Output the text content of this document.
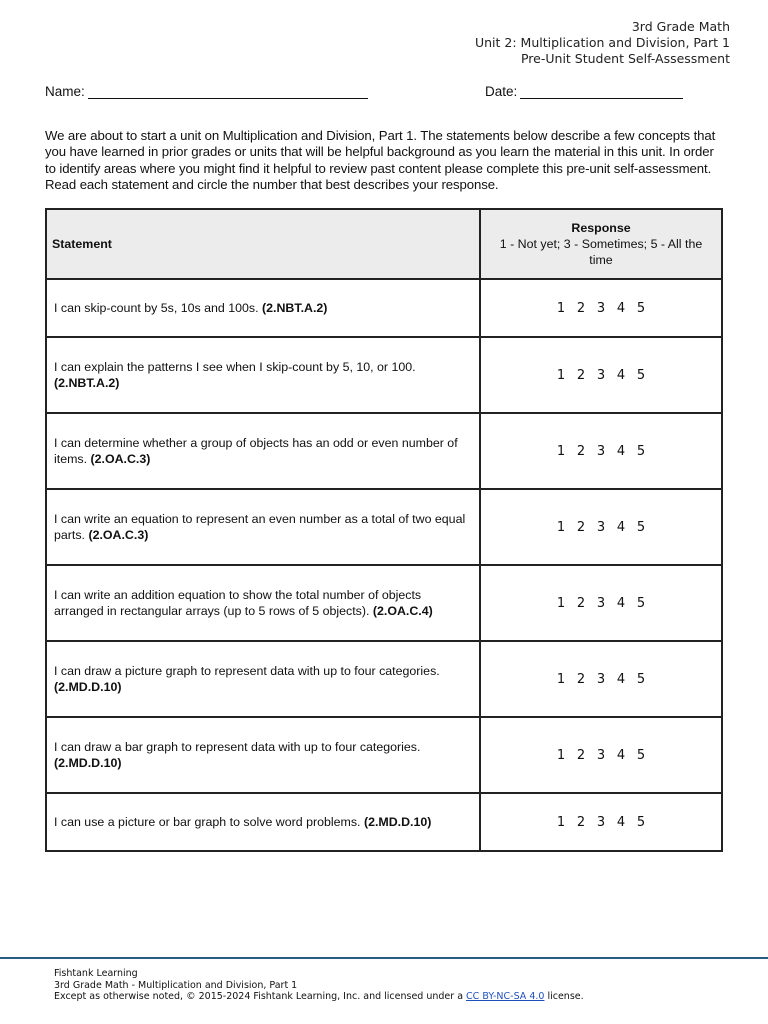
3rd Grade Math
Unit 2: Multiplication and Division, Part 1
Pre-Unit Student Self-Assessment
Name:	Date:
We are about to start a unit on Multiplication and Division, Part 1. The statements below describe a few concepts that you have learned in prior grades or units that will be helpful background as you learn the material in this unit. In order to identify areas where you might find it helpful to review past content please complete this pre-unit self-assessment. Read each statement and circle the number that best describes your response.
Statement	Response
1 - Not yet; 3 - Sometimes; 5 - All the time

I can skip-count by 5s, 10s and 100s. (2.NBT.A.2)	1 2 3 4 5
I can explain the patterns I see when I skip-count by 5, 10, or 100. (2.NBT.A.2)	1 2 3 4 5
I can determine whether a group of objects has an odd or even number of items. (2.OA.C.3)	1 2 3 4 5
I can write an equation to represent an even number as a total of two equal parts. (2.OA.C.3)	1 2 3 4 5
I can write an addition equation to show the total number of objects arranged in rectangular arrays (up to 5 rows of 5 objects). (2.OA.C.4)	1 2 3 4 5
I can draw a picture graph to represent data with up to four categories. (2.MD.D.10)	1 2 3 4 5
I can draw a bar graph to represent data with up to four categories. (2.MD.D.10)	1 2 3 4 5
I can use a picture or bar graph to solve word problems. (2.MD.D.10)	1 2 3 4 5
Fishtank Learning
3rd Grade Math - Multiplication and Division, Part 1
Except as otherwise noted, © 2015-2024 Fishtank Learning, Inc. and licensed under a CC BY-NC-SA 4.0 license.
